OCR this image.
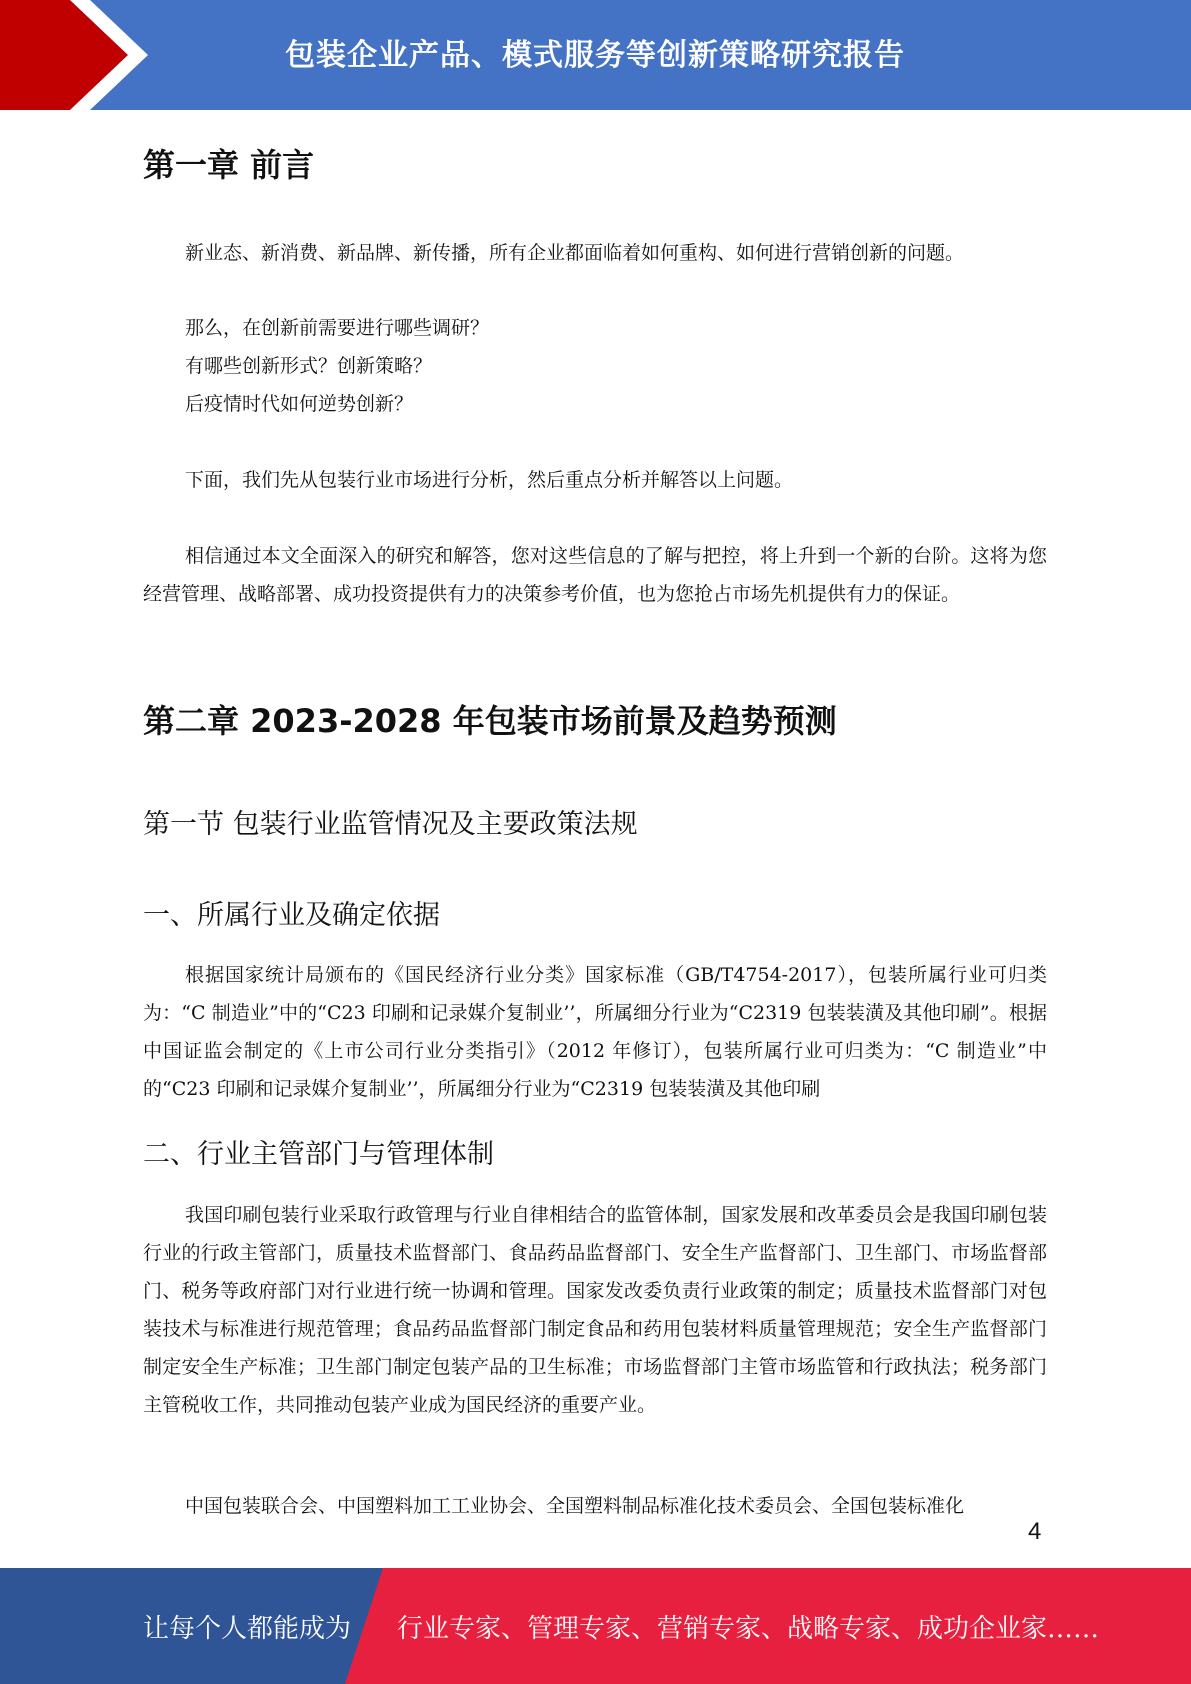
包装企业产品、模式服务等创新策略研究报告
第一章 前言

新业态、新消费、新品牌、新传播，所有企业都面临着如何重构、如何进行营销创新的问题。

那么，在创新前需要进行哪些调研？

有哪些创新形式？创新策略？

后疫情时代如何逆势创新？

下面，我们先从包装行业市场进行分析，然后重点分析并解答以上问题。

相信通过本文全面深入的研究和解答，您对这些信息的了解与把控，将上升到一个新的台阶。这将为您经营管理、战略部署、成功投资提供有力的决策参考价值，也为您抢占市场先机提供有力的保证。

第二章 2023-2028 年包装市场前景及趋势预测
第一节 包装行业监管情况及主要政策法规
一、所属行业及确定依据

根据国家统计局颁布的《国民经济行业分类》国家标准（GB/T4754-2017），包装所属行业可归类为：“C 制造业”中的“C23 印刷和记录媒介复制业’’，所属细分行业为“C2319 包装装潢及其他印刷”。根据中国证监会制定的《上市公司行业分类指引》（2012 年修订），包装所属行业可归类为：“C 制造业”中的“C23 印刷和记录媒介复制业’’，所属细分行业为“C2319 包装装潢及其他印刷

二、行业主管部门与管理体制

我国印刷包装行业采取行政管理与行业自律相结合的监管体制，国家发展和改革委员会是我国印刷包装行业的行政主管部门，质量技术监督部门、食品药品监督部门、安全生产监督部门、卫生部门、市场监督部门、税务等政府部门对行业进行统一协调和管理。国家发改委负责行业政策的制定；质量技术监督部门对包装技术与标准进行规范管理；食品药品监督部门制定食品和药用包装材料质量管理规范；安全生产监督部门制定安全生产标准；卫生部门制定包装产品的卫生标准；市场监督部门主管市场监管和行政执法；税务部门主管税收工作，共同推动包装产业成为国民经济的重要产业。

中国包装联合会、中国塑料加工工业协会、全国塑料制品标准化技术委员会、全国包装标准化

4
让每个人都能成为 行业专家、管理专家、营销专家、战略专家、成功企业家……
